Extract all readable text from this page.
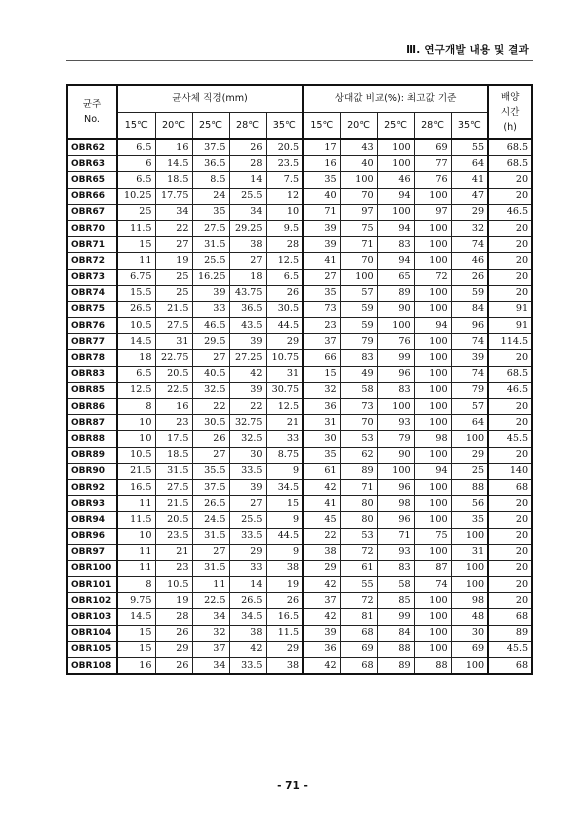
Ⅲ. 연구개발 내용 및 결과
균주
No.	균사체 직경(mm)					상대값 비교(%): 최고값 기준					배양
시간
(h)
	15℃	20℃	25℃	28℃	35℃	15℃	20℃	25℃	28℃	35℃	
OBR62	6.5	16	37.5	26	20.5	17	43	100	69	55	68.5
OBR63	6	14.5	36.5	28	23.5	16	40	100	77	64	68.5
OBR65	6.5	18.5	8.5	14	7.5	35	100	46	76	41	20
OBR66	10.25	17.75	24	25.5	12	40	70	94	100	47	20
OBR67	25	34	35	34	10	71	97	100	97	29	46.5
OBR70	11.5	22	27.5	29.25	9.5	39	75	94	100	32	20
OBR71	15	27	31.5	38	28	39	71	83	100	74	20
OBR72	11	19	25.5	27	12.5	41	70	94	100	46	20
OBR73	6.75	25	16.25	18	6.5	27	100	65	72	26	20
OBR74	15.5	25	39	43.75	26	35	57	89	100	59	20
OBR75	26.5	21.5	33	36.5	30.5	73	59	90	100	84	91
OBR76	10.5	27.5	46.5	43.5	44.5	23	59	100	94	96	91
OBR77	14.5	31	29.5	39	29	37	79	76	100	74	114.5
OBR78	18	22.75	27	27.25	10.75	66	83	99	100	39	20
OBR83	6.5	20.5	40.5	42	31	15	49	96	100	74	68.5
OBR85	12.5	22.5	32.5	39	30.75	32	58	83	100	79	46.5
OBR86	8	16	22	22	12.5	36	73	100	100	57	20
OBR87	10	23	30.5	32.75	21	31	70	93	100	64	20
OBR88	10	17.5	26	32.5	33	30	53	79	98	100	45.5
OBR89	10.5	18.5	27	30	8.75	35	62	90	100	29	20
OBR90	21.5	31.5	35.5	33.5	9	61	89	100	94	25	140
OBR92	16.5	27.5	37.5	39	34.5	42	71	96	100	88	68
OBR93	11	21.5	26.5	27	15	41	80	98	100	56	20
OBR94	11.5	20.5	24.5	25.5	9	45	80	96	100	35	20
OBR96	10	23.5	31.5	33.5	44.5	22	53	71	75	100	20
OBR97	11	21	27	29	9	38	72	93	100	31	20
OBR100	11	23	31.5	33	38	29	61	83	87	100	20
OBR101	8	10.5	11	14	19	42	55	58	74	100	20
OBR102	9.75	19	22.5	26.5	26	37	72	85	100	98	20
OBR103	14.5	28	34	34.5	16.5	42	81	99	100	48	68
OBR104	15	26	32	38	11.5	39	68	84	100	30	89
OBR105	15	29	37	42	29	36	69	88	100	69	45.5
OBR108	16	26	34	33.5	38	42	68	89	88	100	68
- 71 -
